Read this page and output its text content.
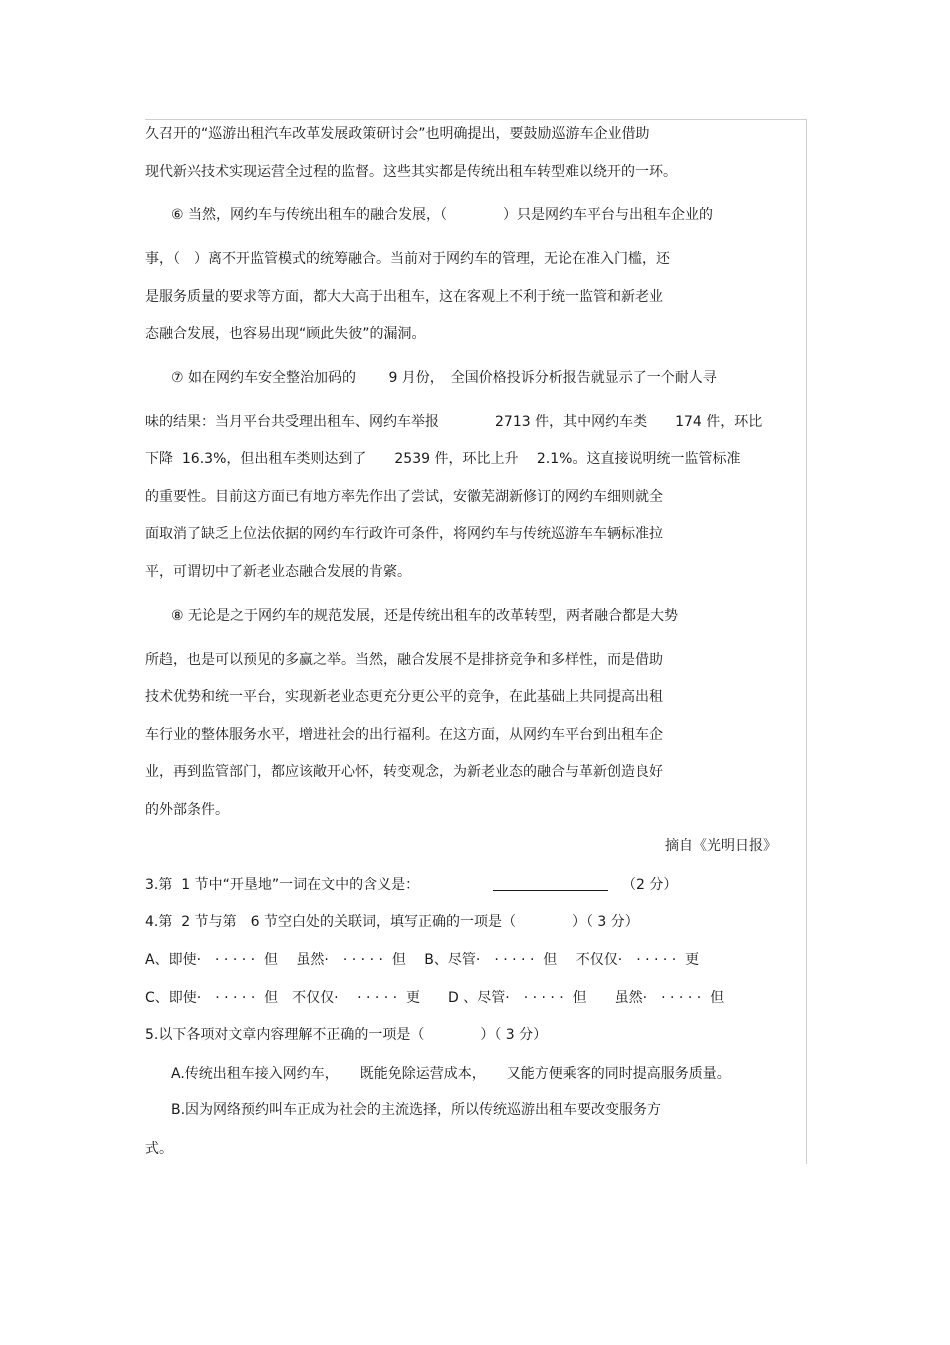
久召开的“巡游出租汽车改革发展政策研讨会”也明确提出，要鼓励巡游车企业借助
现代新兴技术实现运营全过程的监督。这些其实都是传统出租车转型难以绕开的一环。
⑥ 当然，网约车与传统出租车的融合发展，（　　　　）只是网约车平台与出租车企业的
事，（　）离不开监管模式的统筹融合。当前对于网约车的管理，无论在准入门槛，还
是服务质量的要求等方面，都大大高于出租车，这在客观上不利于统一监管和新老业
态融合发展，也容易出现“顾此失彼”的漏洞。
⑦ 如在网约车安全整治加码的　　 9 月份，　全国价格投诉分析报告就显示了一个耐人寻
味的结果：当月平台共受理出租车、网约车举报　　　　2713 件，其中网约车类　　174 件，环比
下降  16.3%，但出租车类则达到了　　2539 件，环比上升　 2.1%。这直接说明统一监管标准
的重要性。目前这方面已有地方率先作出了尝试，安徽芜湖新修订的网约车细则就全
面取消了缺乏上位法依据的网约车行政许可条件，将网约车与传统巡游车车辆标准拉
平，可谓切中了新老业态融合发展的肯綮。
⑧ 无论是之于网约车的规范发展，还是传统出租车的改革转型，两者融合都是大势
所趋，也是可以预见的多赢之举。当然，融合发展不是排挤竞争和多样性，而是借助
技术优势和统一平台，实现新老业态更充分更公平的竞争，在此基础上共同提高出租
车行业的整体服务水平，增进社会的出行福利。在这方面，从网约车平台到出租车企
业，再到监管部门，都应该敞开心怀，转变观念，为新老业态的融合与革新创造良好
的外部条件。
摘自《光明日报》
3.第  1 节中“开垦地”一词在文中的含义是：	（2 分）
4.第  2 节与第　6 节空白处的关联词，填写正确的一项是（　　　　）（ 3 分）
A、即使·　· · · · ·  但　 虽然·　· · · · ·  但　 B、尽管·　· · · · ·  但　 不仅仅·　· · · · ·  更
C、即使·　· · · · ·  但　不仅仅·　 · · · · ·  更　　D 、尽管·　· · · · ·  但　　虽然·　· · · · ·  但
5.以下各项对文章内容理解不正确的一项是（　　　　）（ 3 分）
A.传统出租车接入网约车，　　既能免除运营成本，　　又能方便乘客的同时提高服务质量。
B.因为网络预约叫车正成为社会的主流选择，所以传统巡游出租车要改变服务方
式。
